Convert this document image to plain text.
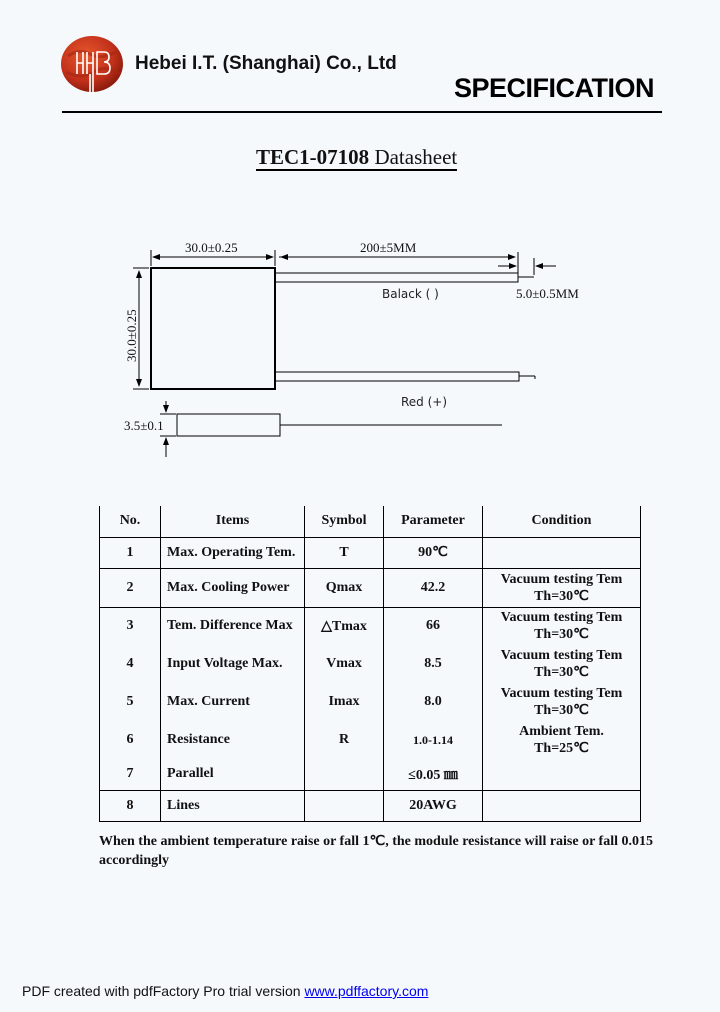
Hebei I.T. (Shanghai) Co., Ltd
SPECIFICATION
TEC1-07108 Datasheet
30.0±0.25	200±5MM
5.0±0.5MM
30.0±0.25
3.5±0.1
Balack ( )
Red (+)
No.	Items	Symbol	Parameter	Condition
1	Max. Operating Tem.	T	90℃	
2	Max. Cooling Power	Qmax	42.2	Vacuum testing Tem
Th=30℃

3	Tem. Difference Max	△Tmax	66	Vacuum testing Tem
Th=30℃

4	Input Voltage Max.	Vmax	8.5	Vacuum testing Tem
Th=30℃

5	Max. Current	Imax	8.0	Vacuum testing Tem
Th=30℃

6	Resistance	R	1.0-1.14	Ambient Tem.
Th=25℃

7	Parallel		≤0.05 ㎜	
8	Lines		20AWG	
When the ambient temperature raise or fall 1℃, the module resistance will raise or fall 0.015 accordingly
PDF created with pdfFactory Pro trial version www.pdffactory.com
